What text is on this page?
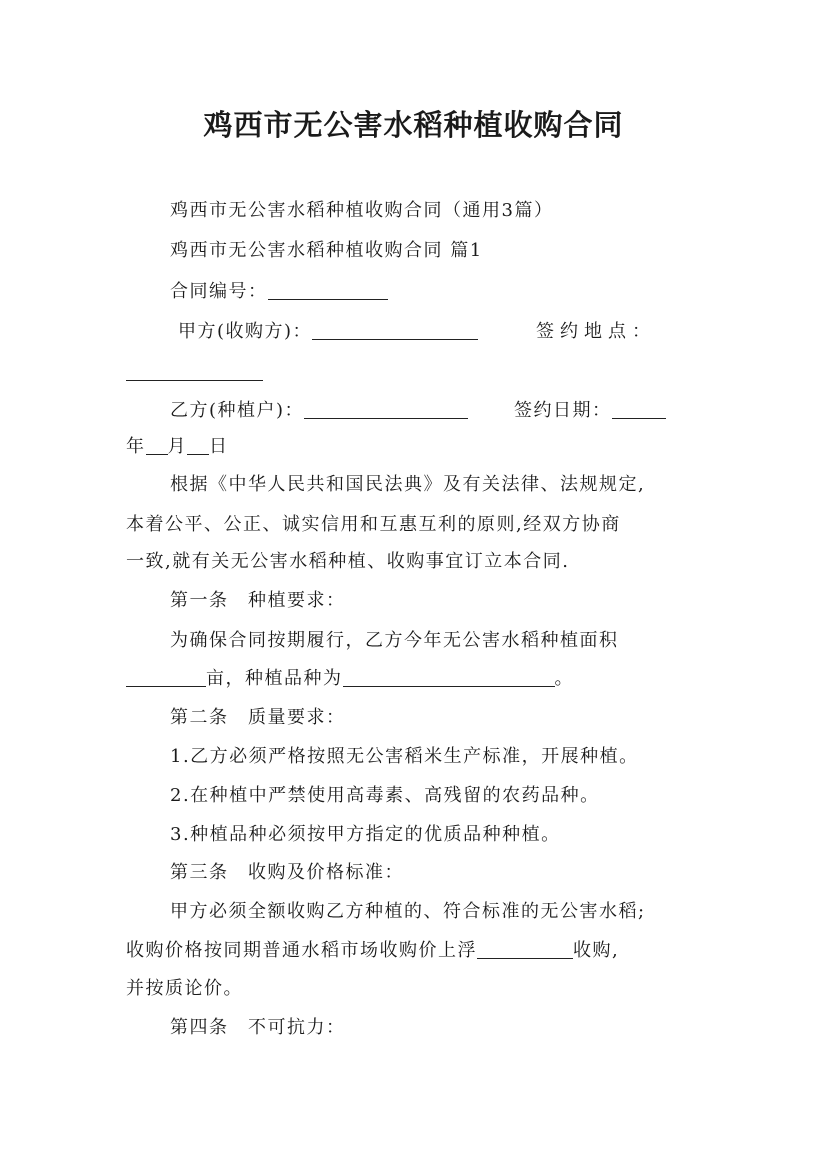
鸡西市无公害水稻种植收购合同
鸡西市无公害水稻种植收购合同（通用3篇）
鸡西市无公害水稻种植收购合同 篇1
合同编号：
甲方(收购方)：	签约地点：
乙方(种植户)：	签约日期：
年 月 日
根据《中华人民共和国民法典》及有关法律、法规规定,
本着公平、公正、诚实信用和互惠互利的原则,经双方协商
一致,就有关无公害水稻种植、收购事宜订立本合同.
第一条　种植要求：
为确保合同按期履行，乙方今年无公害水稻种植面积
亩，种植品种为	。
第二条　质量要求：
1.乙方必须严格按照无公害稻米生产标准，开展种植。
2.在种植中严禁使用高毒素、高残留的农药品种。
3.种植品种必须按甲方指定的优质品种种植。
第三条　收购及价格标准：
甲方必须全额收购乙方种植的、符合标准的无公害水稻;
收购价格按同期普通水稻市场收购价上浮	收购,
并按质论价。
第四条　不可抗力：
